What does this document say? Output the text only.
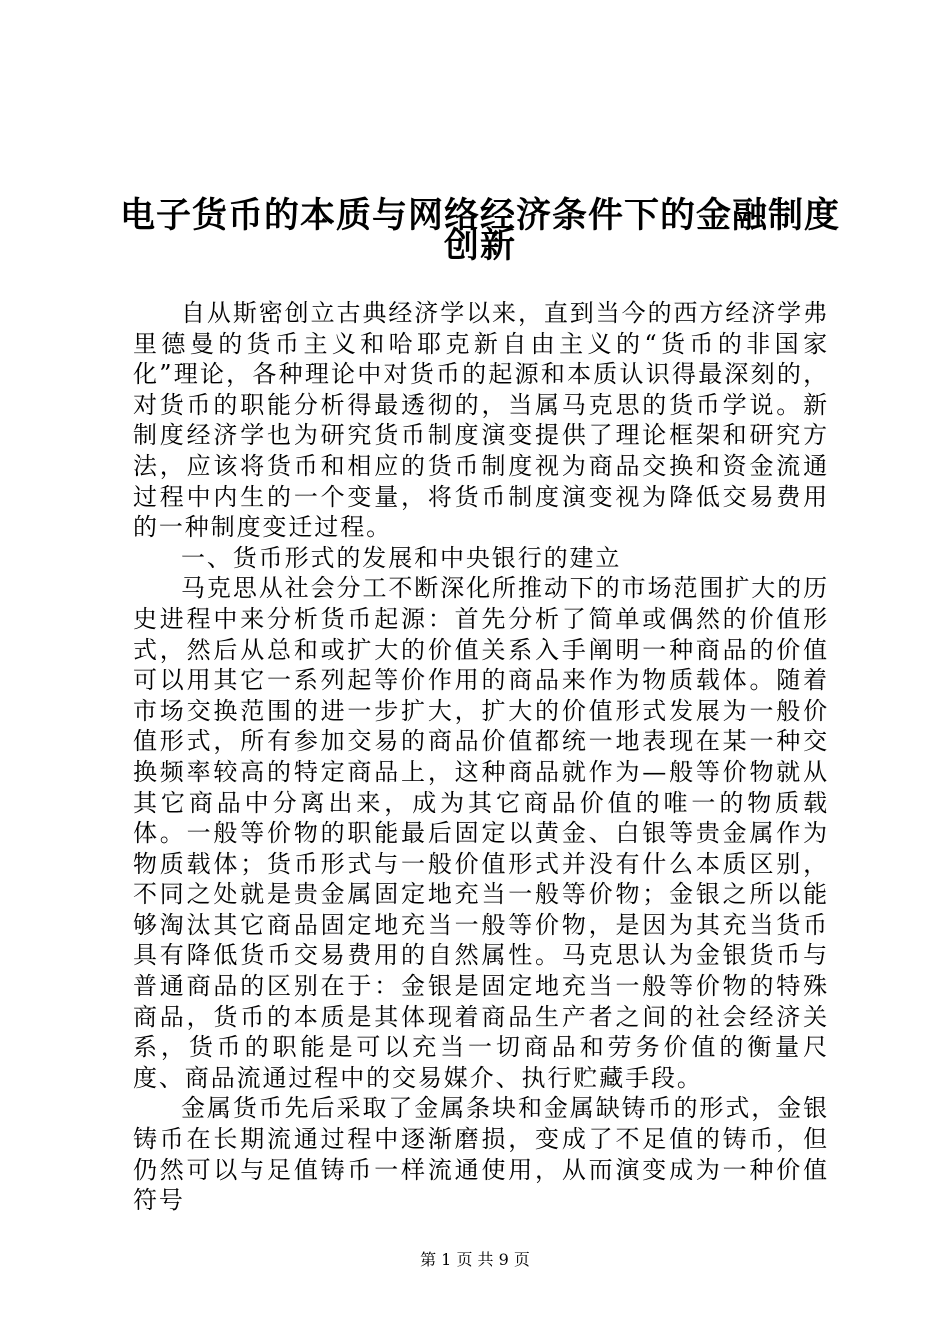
电子货币的本质与网络经济条件下的金融制度
创新

自从斯密创立古典经济学以来，直到当今的西方经济学弗里德曼的货币主义和哈耶克新自由主义的“货币的非国家化”理论，各种理论中对货币的起源和本质认识得最深刻的，对货币的职能分析得最透彻的，当属马克思的货币学说。新制度经济学也为研究货币制度演变提供了理论框架和研究方法，应该将货币和相应的货币制度视为商品交换和资金流通过程中内生的一个变量，将货币制度演变视为降低交易费用的一种制度变迁过程。

一、货币形式的发展和中央银行的建立

马克思从社会分工不断深化所推动下的市场范围扩大的历史进程中来分析货币起源：首先分析了简单或偶然的价值形式，然后从总和或扩大的价值关系入手阐明一种商品的价值可以用其它一系列起等价作用的商品来作为物质载体。随着市场交换范围的进一步扩大，扩大的价值形式发展为一般价值形式，所有参加交易的商品价值都统一地表现在某一种交换频率较高的特定商品上，这种商品就作为—般等价物就从其它商品中分离出来，成为其它商品价值的唯一的物质载体。一般等价物的职能最后固定以黄金、白银等贵金属作为物质载体；货币形式与一般价值形式并没有什么本质区别，不同之处就是贵金属固定地充当一般等价物；金银之所以能够淘汰其它商品固定地充当一般等价物，是因为其充当货币具有降低货币交易费用的自然属性。马克思认为金银货币与普通商品的区别在于：金银是固定地充当一般等价物的特殊商品，货币的本质是其体现着商品生产者之间的社会经济关系，货币的职能是可以充当一切商品和劳务价值的衡量尺度、商品流通过程中的交易媒介、执行贮藏手段。

金属货币先后采取了金属条块和金属缺铸币的形式，金银铸币在长期流通过程中逐渐磨损，变成了不足值的铸币，但仍然可以与足值铸币一样流通使用，从而演变成为一种价值符号

第 1 页 共 9 页
